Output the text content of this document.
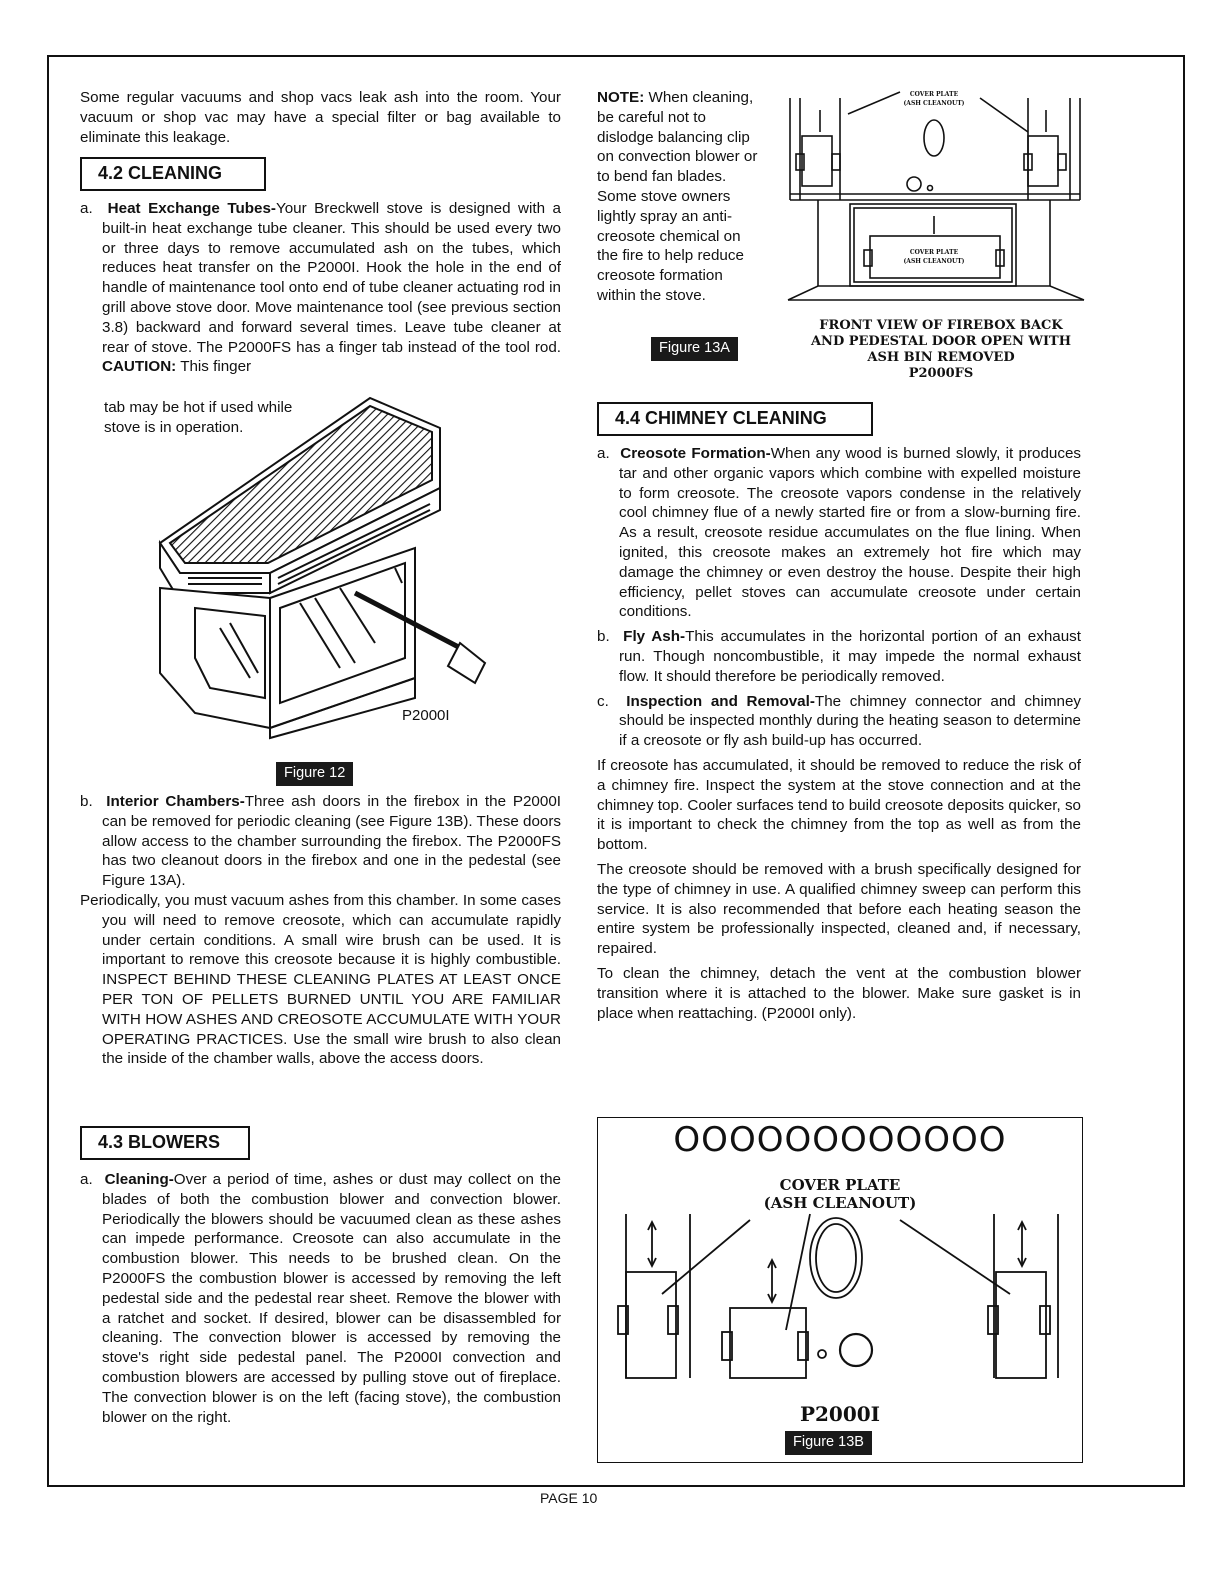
Some regular vacuums and shop vacs leak ash into the room. Your vacuum or shop vac may have a special filter or bag available to eliminate this leakage.

4.2 CLEANING

a. Heat Exchange Tubes-Your Breckwell stove is designed with a built-in heat exchange tube cleaner. This should be used every two or three days to remove accumulated ash on the tubes, which reduces heat transfer on the P2000I. Hook the hole in the end of handle of maintenance tool onto end of tube cleaner actuating rod in grill above stove door. Move maintenance tool (see previous section 3.8) backward and forward several times. Leave tube cleaner at rear of stove. The P2000FS has a finger tab instead of the tool rod. CAUTION: This finger

tab may be hot if used while

stove is in operation.

P2000I
Figure 12

b. Interior Chambers-Three ash doors in the firebox in the P2000I can be removed for periodic cleaning (see Figure 13B). These doors allow access to the chamber surrounding the firebox. The P2000FS has two cleanout doors in the firebox and one in the pedestal (see Figure 13A).

Periodically, you must vacuum ashes from this chamber. In some cases you will need to remove creosote, which can accumulate rapidly under certain conditions. A small wire brush can be used. It is important to remove this creosote because it is highly combustible. INSPECT BEHIND THESE CLEANING PLATES AT LEAST ONCE PER TON OF PELLETS BURNED UNTIL YOU ARE FAMILIAR WITH HOW ASHES AND CREOSOTE ACCUMULATE WITH YOUR OPERATING PRACTICES. Use the small wire brush to also clean the inside of the chamber walls, above the access doors.

4.3 BLOWERS

a. Cleaning-Over a period of time, ashes or dust may collect on the blades of both the combustion blower and convection blower. Periodically the blowers should be vacuumed clean as these ashes can impede performance. Creosote can also accumulate in the combustion blower. This needs to be brushed clean. On the P2000FS the combustion blower is accessed by removing the left pedestal side and the pedestal rear sheet. Remove the blower with a ratchet and socket. If desired, blower can be disassembled for cleaning. The convection blower is accessed by removing the stove's right side pedestal panel. The P2000I convection and combustion blowers are accessed by pulling stove out of fireplace. The convection blower is on the left (facing stove), the combustion blower on the right.

NOTE: When cleaning, be careful not to dislodge balancing clip on convection blower or to bend fan blades. Some stove owners lightly spray an anti-creosote chemical on the fire to help reduce creosote formation within the stove.

COVER PLATE
(ASH CLEANOUT)
COVER PLATE
(ASH CLEANOUT)
FRONT VIEW OF FIREBOX BACK
AND PEDESTAL DOOR OPEN WITH
ASH BIN REMOVED
P2000FS
Figure 13A
4.4 CHIMNEY CLEANING

a. Creosote Formation-When any wood is burned slowly, it produces tar and other organic vapors which combine with expelled moisture to form creosote. The creosote vapors condense in the relatively cool chimney flue of a newly started fire or from a slow-burning fire. As a result, creosote residue accumulates on the flue lining. When ignited, this creosote makes an extremely hot fire which may damage the chimney or even destroy the house. Despite their high efficiency, pellet stoves can accumulate creosote under certain conditions.

b. Fly Ash-This accumulates in the horizontal portion of an exhaust run. Though noncombustible, it may impede the normal exhaust flow. It should therefore be periodically removed.

c. Inspection and Removal-The chimney connector and chimney should be inspected monthly during the heating season to determine if a creosote or fly ash build-up has occurred.

If creosote has accumulated, it should be removed to reduce the risk of a chimney fire. Inspect the system at the stove connection and at the chimney top. Cooler surfaces tend to build creosote deposits quicker, so it is important to check the chimney from the top as well as from the bottom.

The creosote should be removed with a brush specifically designed for the type of chimney in use. A qualified chimney sweep can perform this service. It is also recommended that before each heating season the entire system be professionally inspected, cleaned and, if necessary, repaired.

To clean the chimney, detach the vent at the combustion blower transition where it is attached to the blower. Make sure gasket is in place when reattaching. (P2000I only).

OOOOOOOOOOOO
COVER PLATE
(ASH CLEANOUT)
P2000I
Figure 13B
PAGE 10
